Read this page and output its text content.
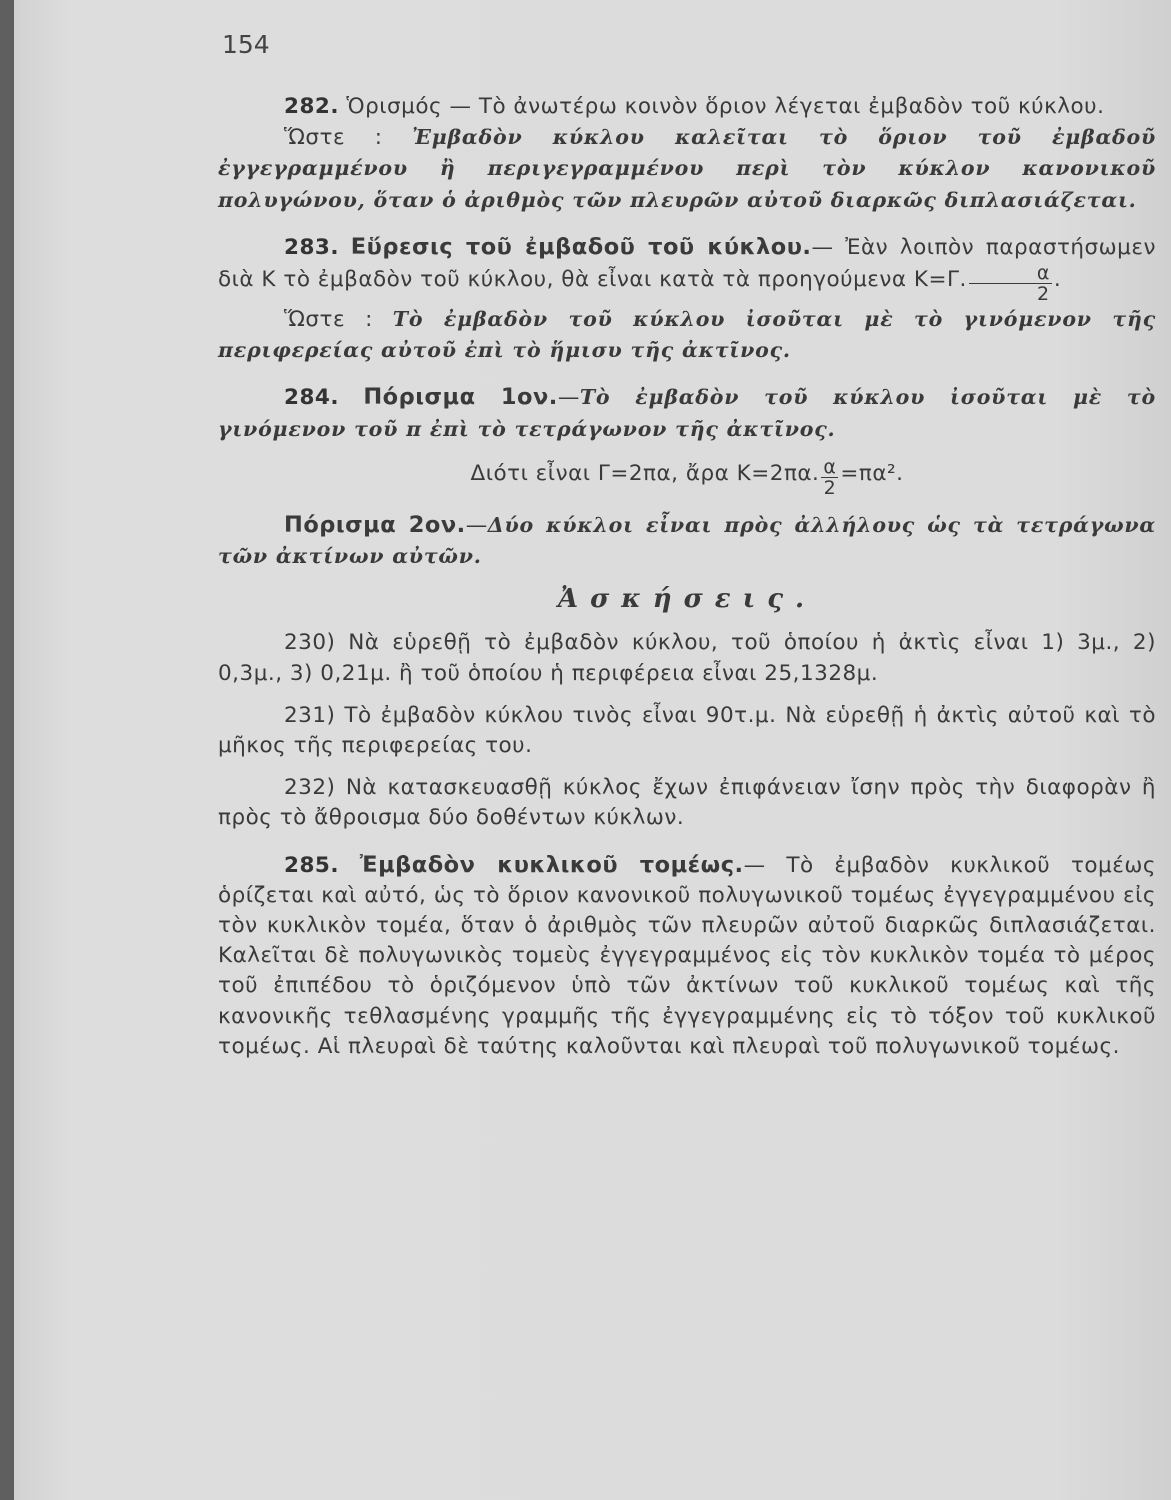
154

282. Ὁρισμός — Τὸ ἀνωτέρω κοινὸν ὅριον λέγεται ἐμβαδὸν τοῦ κύκλου.

Ὥστε : Ἐμβαδὸν κύκλου καλεῖται τὸ ὅριον τοῦ ἐμβαδοῦ ἐγγεγραμμένου ἢ περιγεγραμμένου περὶ τὸν κύκλον κανονικοῦ πολυγώνου, ὅταν ὁ ἀριθμὸς τῶν πλευρῶν αὐτοῦ διαρκῶς διπλασιάζεται.

283. Εὕρεσις τοῦ ἐμβαδοῦ τοῦ κύκλου.— Ἐὰν λοιπὸν παραστήσωμεν διὰ Κ τὸ ἐμβαδὸν τοῦ κύκλου, θὰ εἶναι κατὰ τὰ προηγούμενα Κ=Γ. $\frac{\alpha}{2}$ .

Ὥστε : Τὸ ἐμβαδὸν τοῦ κύκλου ἰσοῦται μὲ τὸ γινόμενον τῆς περιφερείας αὐτοῦ ἐπὶ τὸ ἥμισυ τῆς ἀκτῖνος.

284. Πόρισμα 1ον.—Τὸ ἐμβαδὸν τοῦ κύκλου ἰσοῦται μὲ τὸ γινόμενον τοῦ π ἐπὶ τὸ τετράγωνον τῆς ἀκτῖνος.

Διότι εἶναι Γ=2πα, ἄρα Κ=2πα. $\frac{\alpha}{2} =\pi\alpha^2$.

Πόρισμα 2ον.—Δύο κύκλοι εἶναι πρὸς ἀλλήλους ὡς τὰ τετράγωνα τῶν ἀκτίνων αὐτῶν.

Ἀσκήσεις.

230) Νὰ εὑρεθῇ τὸ ἐμβαδὸν κύκλου, τοῦ ὁποίου ἡ ἀκτὶς εἶναι 1) 3μ., 2) 0,3μ., 3) 0,21μ. ἢ τοῦ ὁποίου ἡ περιφέρεια εἶναι 25,1328μ.

231) Τὸ ἐμβαδὸν κύκλου τινὸς εἶναι 90τ.μ. Νὰ εὑρεθῇ ἡ ἀκτὶς αὐτοῦ καὶ τὸ μῆκος τῆς περιφερείας του.

232) Νὰ κατασκευασθῇ κύκλος ἔχων ἐπιφάνειαν ἴσην πρὸς τὴν διαφορὰν ἢ πρὸς τὸ ἄθροισμα δύο δοθέντων κύκλων.

285. Ἐμβαδὸν κυκλικοῦ τομέως.— Τὸ ἐμβαδὸν κυκλικοῦ τομέως ὁρίζεται καὶ αὐτό, ὡς τὸ ὅριον κανονικοῦ πολυγωνικοῦ τομέως ἐγγεγραμμένου εἰς τὸν κυκλικὸν τομέα, ὅταν ὁ ἀριθμὸς τῶν πλευρῶν αὐτοῦ διαρκῶς διπλασιάζεται. Καλεῖται δὲ πολυγωνικὸς τομεὺς ἐγγεγραμμένος εἰς τὸν κυκλικὸν τομέα τὸ μέρος τοῦ ἐπιπέδου τὸ ὁριζόμενον ὑπὸ τῶν ἀκτίνων τοῦ κυκλικοῦ τομέως καὶ τῆς κανονικῆς τεθλασμένης γραμμῆς τῆς ἐγγεγραμμένης εἰς τὸ τόξον τοῦ κυκλικοῦ τομέως. Αἱ πλευραὶ δὲ ταύτης καλοῦνται καὶ πλευραὶ τοῦ πολυγωνικοῦ τομέως.
